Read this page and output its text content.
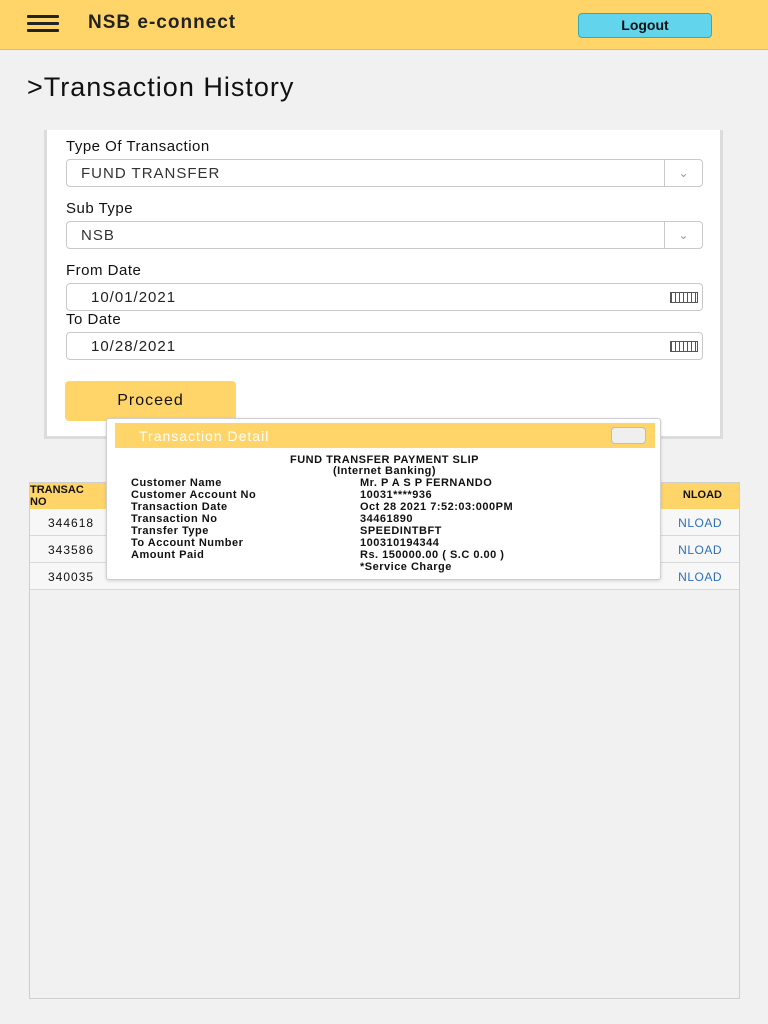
NSB e-connect	Logout
>Transaction History
Type Of Transaction
FUND TRANSFER	⌄
Sub Type
NSB	⌄
From Date
10/01/2021
To Date
10/28/2021
Proceed
TRANSAC
NO
NLOAD
344618	NLOAD
343586	NLOAD
340035	NLOAD
Transaction Detail
FUND TRANSFER PAYMENT SLIP
(Internet Banking)
Customer Name	Mr. P A S P FERNANDO
Customer Account No	10031****936
Transaction Date	Oct 28 2021 7:52:03:000PM
Transaction No	34461890
Transfer Type	SPEEDINTBFT
To Account Number	100310194344
Amount Paid	Rs. 150000.00 ( S.C 0.00 )
*Service Charge
